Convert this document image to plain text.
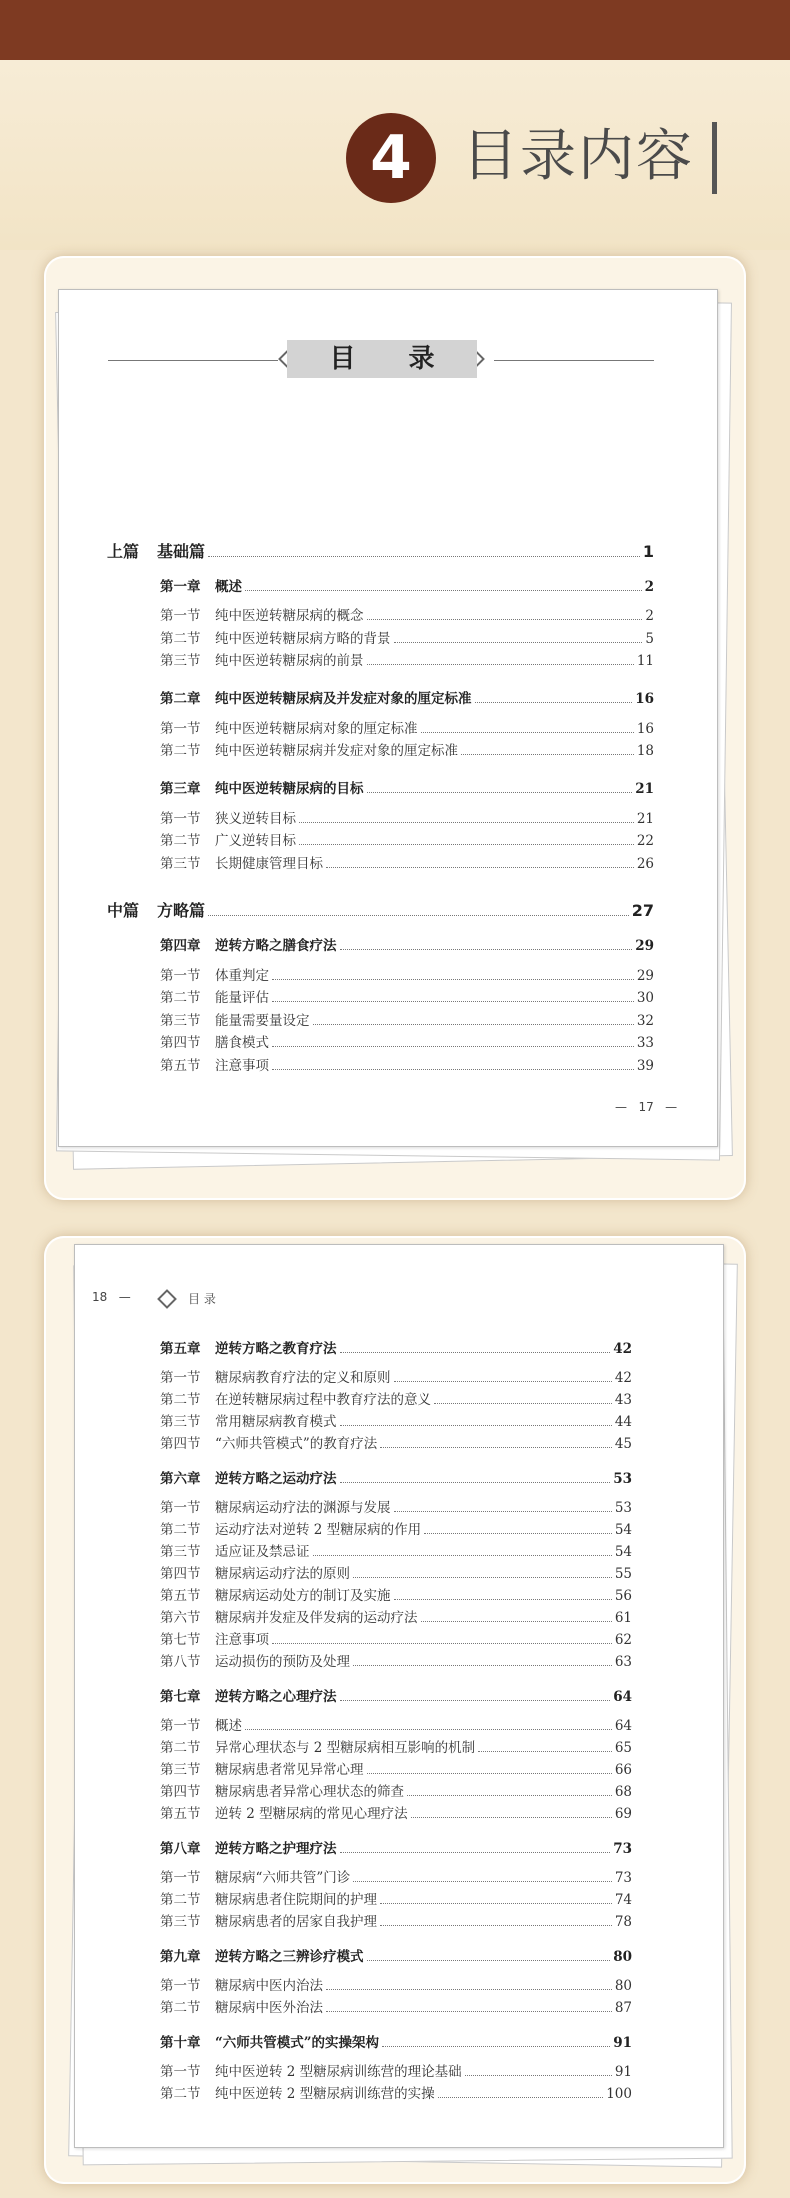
4 目录内容
目 录
上篇 基础篇	1
第一章 概述	2
第一节 纯中医逆转糖尿病的概念	2
第二节 纯中医逆转糖尿病方略的背景	5
第三节 纯中医逆转糖尿病的前景	11
第二章 纯中医逆转糖尿病及并发症对象的厘定标准	16
第一节 纯中医逆转糖尿病对象的厘定标准	16
第二节 纯中医逆转糖尿病并发症对象的厘定标准	18
第三章 纯中医逆转糖尿病的目标	21
第一节 狭义逆转目标	21
第二节 广义逆转目标	22
第三节 长期健康管理目标	26
中篇 方略篇	27
第四章 逆转方略之膳食疗法	29
第一节 体重判定	29
第二节 能量评估	30
第三节 能量需要量设定	32
第四节 膳食模式	33
第五节 注意事项	39
—   17   —
18   —	目 录
第五章 逆转方略之教育疗法	42
第一节 糖尿病教育疗法的定义和原则	42
第二节 在逆转糖尿病过程中教育疗法的意义	43
第三节 常用糖尿病教育模式	44
第四节 “六师共管模式”的教育疗法	45
第六章 逆转方略之运动疗法	53
第一节 糖尿病运动疗法的渊源与发展	53
第二节 运动疗法对逆转 2 型糖尿病的作用	54
第三节 适应证及禁忌证	54
第四节 糖尿病运动疗法的原则	55
第五节 糖尿病运动处方的制订及实施	56
第六节 糖尿病并发症及伴发病的运动疗法	61
第七节 注意事项	62
第八节 运动损伤的预防及处理	63
第七章 逆转方略之心理疗法	64
第一节 概述	64
第二节 异常心理状态与 2 型糖尿病相互影响的机制	65
第三节 糖尿病患者常见异常心理	66
第四节 糖尿病患者异常心理状态的筛查	68
第五节 逆转 2 型糖尿病的常见心理疗法	69
第八章 逆转方略之护理疗法	73
第一节 糖尿病“六师共管”门诊	73
第二节 糖尿病患者住院期间的护理	74
第三节 糖尿病患者的居家自我护理	78
第九章 逆转方略之三辨诊疗模式	80
第一节 糖尿病中医内治法	80
第二节 糖尿病中医外治法	87
第十章 “六师共管模式”的实操架构	91
第一节 纯中医逆转 2 型糖尿病训练营的理论基础	91
第二节 纯中医逆转 2 型糖尿病训练营的实操	100
